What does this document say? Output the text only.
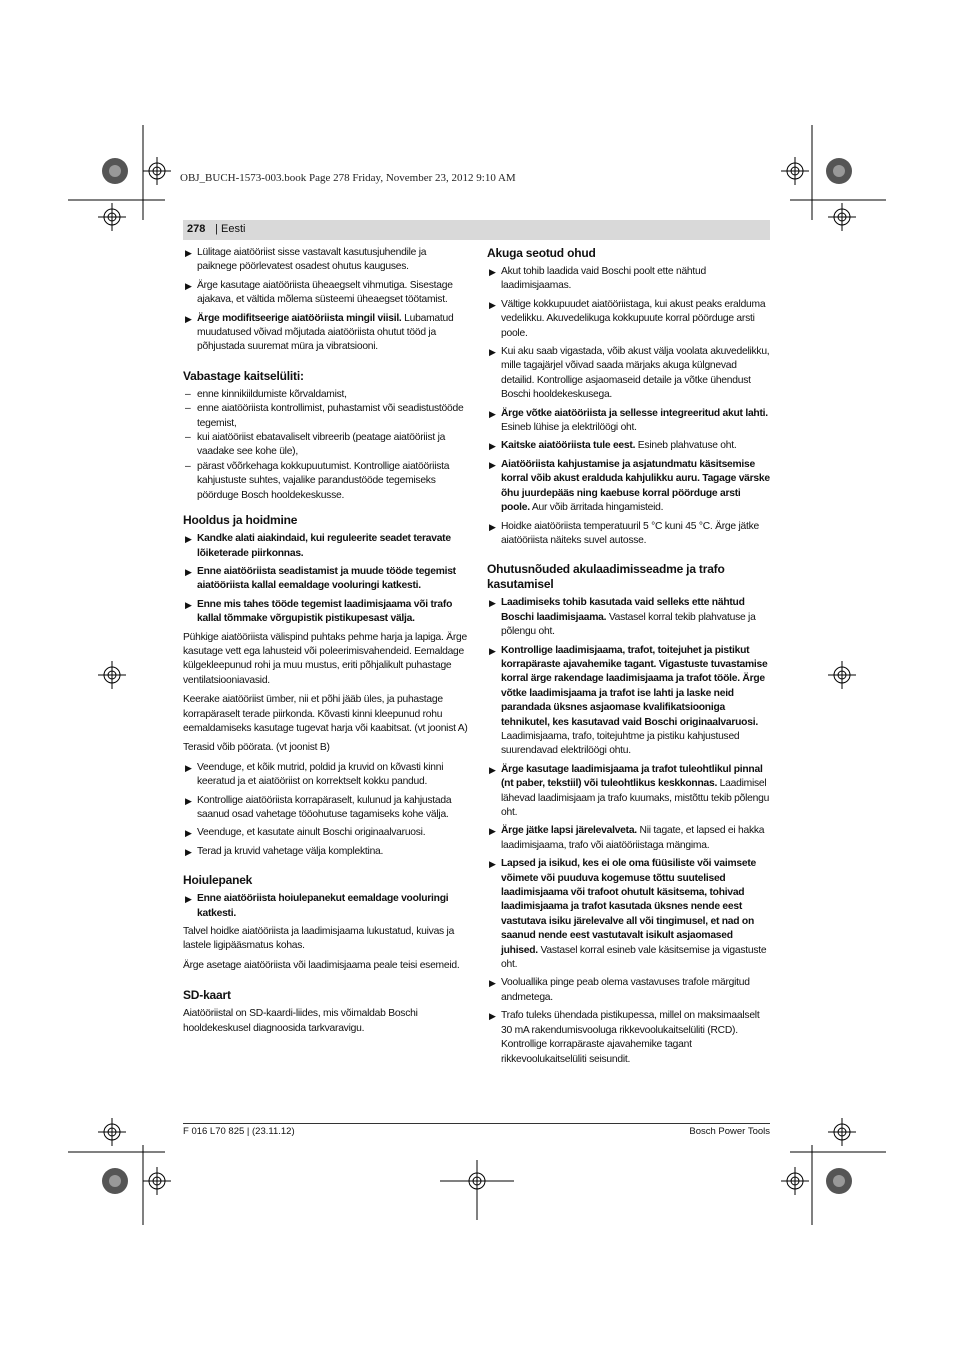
OBJ_BUCH-1573-003.book Page 278 Friday, November 23, 2012 9:10 AM
278 | Eesti
▶ Lülitage aiatööriist sisse vastavalt kasutusjuhendile ja paiknege pöörlevatest osadest ohutus kauguses.
▶ Ärge kasutage aiatööriista üheaegselt vihmutiga. Sisestage ajakava, et vältida mõlema süsteemi üheaegset töötamist.
▶ Ärge modifitseerige aiatööriista mingil viisil. Lubamatud muudatused võivad mõjutada aiatööriista ohutut tööd ja põhjustada suuremat müra ja vibratsiooni.
Vabastage kaitselüliti:
– enne kinnikiildumiste kõrvaldamist,
– enne aiatööriista kontrollimist, puhastamist või seadistustööde tegemist,
– kui aiatööriist ebatavaliselt vibreerib (peatage aiatööriist ja vaadake see kohe üle),
– pärast võõrkehaga kokkupuutumist. Kontrollige aiatööriista kahjustuste suhtes, vajalike parandustööde tegemiseks pöörduge Bosch hooldekeskusse.
Hooldus ja hoidmine
▶ Kandke alati aiakindaid, kui reguleerite seadet teravate lõiketerade piirkonnas.
▶ Enne aiatööriista seadistamist ja muude tööde tegemist aiatööriista kallal eemaldage vooluringi katkesti.
▶ Enne mis tahes tööde tegemist laadimisjaama või trafo kallal tõmmake võrgupistik pistikupesast välja.

Pühkige aiatööriista välispind puhtaks pehme harja ja lapiga. Ärge kasutage vett ega lahusteid või poleerimisvahendeid. Eemaldage külgekleepunud rohi ja muu mustus, eriti põhjalikult puhastage ventilatsiooniavasid.

Keerake aiatööriist ümber, nii et põhi jääb üles, ja puhastage korrapäraselt terade piirkonda. Kõvasti kinni kleepunud rohu eemaldamiseks kasutage tugevat harja või kaabitsat. (vt joonist A)

Terasid võib pöörata. (vt joonist B)

▶ Veenduge, et kõik mutrid, poldid ja kruvid on kõvasti kinni keeratud ja et aiatööriist on korrektselt kokku pandud.
▶ Kontrollige aiatööriista korrapäraselt, kulunud ja kahjustada saanud osad vahetage tööohutuse tagamiseks kohe välja.
▶ Veenduge, et kasutate ainult Boschi originaalvaruosi.
▶ Terad ja kruvid vahetage välja komplektina.
Hoiulepanek
▶ Enne aiatööriista hoiulepanekut eemaldage vooluringi katkesti.

Talvel hoidke aiatööriista ja laadimisjaama lukustatud, kuivas ja lastele ligipääsmatus kohas.

Ärge asetage aiatööriista või laadimisjaama peale teisi esemeid.

SD-kaart

Aiatööriistal on SD-kaardi-liides, mis võimaldab Boschi hooldekeskusel diagnoosida tarkvaravigu.

Akuga seotud ohud
▶ Akut tohib laadida vaid Boschi poolt ette nähtud laadimisjaamas.
▶ Vältige kokkupuudet aiatööriistaga, kui akust peaks eralduma vedelikku. Akuvedelikuga kokkupuute korral pöörduge arsti poole.
▶ Kui aku saab vigastada, võib akust välja voolata akuvedelikku, mille tagajärjel võivad saada märjaks akuga külgnevad detailid. Kontrollige asjaomaseid detaile ja võtke ühendust Boschi hooldekeskusega.
▶ Ärge võtke aiatööriista ja sellesse integreeritud akut lahti. Esineb lühise ja elektrilöögi oht.
▶ Kaitske aiatööriista tule eest. Esineb plahvatuse oht.
▶ Aiatööriista kahjustamise ja asjatundmatu käsitsemise korral võib akust eralduda kahjulikku auru. Tagage värske õhu juurdepääs ning kaebuse korral pöörduge arsti poole. Aur võib ärritada hingamisteid.
▶ Hoidke aiatööriista temperatuuril 5 °C kuni 45 °C. Ärge jätke aiatööriista näiteks suvel autosse.
Ohutusnõuded akulaadimisseadme ja trafo kasutamisel
▶ Laadimiseks tohib kasutada vaid selleks ette nähtud Boschi laadimisjaama. Vastasel korral tekib plahvatuse ja põlengu oht.
▶ Kontrollige laadimisjaama, trafot, toitejuhet ja pistikut korrapäraste ajavahemike tagant. Vigastuste tuvastamise korral ärge rakendage laadimisjaama ja trafot tööle. Ärge võtke laadimisjaama ja trafot ise lahti ja laske neid parandada üksnes asjaomase kvalifikatsiooniga tehnikutel, kes kasutavad vaid Boschi originaalvaruosi. Laadimisjaama, trafo, toitejuhtme ja pistiku kahjustused suurendavad elektrilöögi ohtu.
▶ Ärge kasutage laadimisjaama ja trafot tuleohtlikul pinnal (nt paber, tekstiil) või tuleohtlikus keskkonnas. Laadimisel lähevad laadimisjaam ja trafo kuumaks, mistõttu tekib põlengu oht.
▶ Ärge jätke lapsi järelevalveta. Nii tagate, et lapsed ei hakka laadimisjaama, trafo või aiatööriistaga mängima.
▶ Lapsed ja isikud, kes ei ole oma füüsiliste või vaimsete võimete või puuduva kogemuse tõttu suutelised laadimisjaama või trafoot ohutult käsitsema, tohivad laadimisjaama ja trafot kasutada üksnes nende eest vastutava isiku järelevalve all või tingimusel, et nad on saanud nende eest vastutavalt isikult asjaomased juhised. Vastasel korral esineb vale käsitsemise ja vigastuste oht.
▶ Vooluallika pinge peab olema vastavuses trafole märgitud andmetega.
▶ Trafo tuleks ühendada pistikupessa, millel on maksimaalselt 30 mA rakendumisvooluga rikkevoolukaitselüliti (RCD). Kontrollige korrapäraste ajavahemike tagant rikkevoolukaitselüliti seisundit.
F 016 L70 825 | (23.11.12)	Bosch Power Tools
